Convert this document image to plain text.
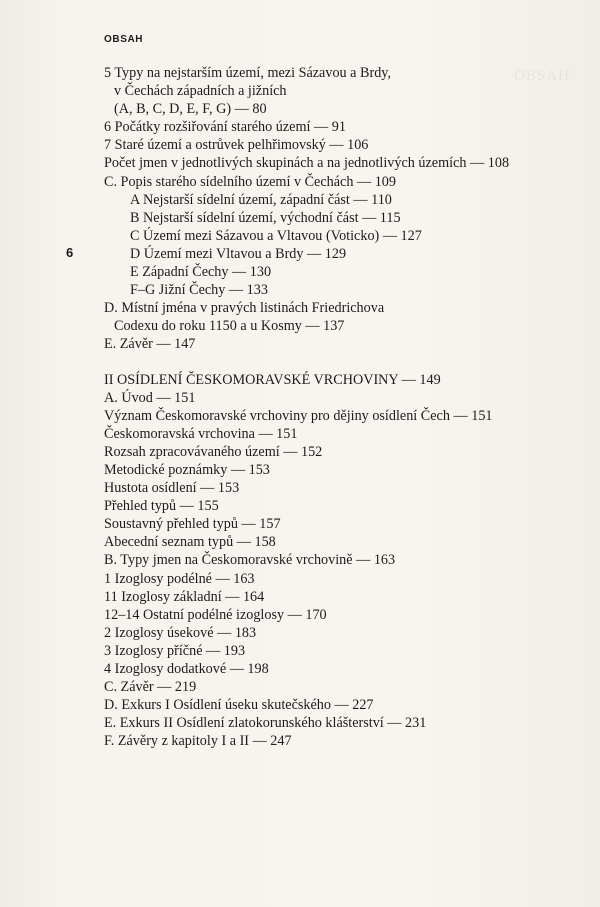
OBSAH
OBSAH
6
5 Typy na nejstarším území, mezi Sázavou a Brdy,
v Čechách západních a jižních
(A, B, C, D, E, F, G) — 80
6 Počátky rozšiřování starého území — 91
7 Staré území a ostrůvek pelhřimovský — 106
Počet jmen v jednotlivých skupinách a na jednotlivých územích — 108
C. Popis starého sídelního území v Čechách — 109
A Nejstarší sídelní území, západní část — 110
B Nejstarší sídelní území, východní část — 115
C Území mezi Sázavou a Vltavou (Voticko) — 127
D Území mezi Vltavou a Brdy — 129
E Západní Čechy — 130
F–G Jižní Čechy — 133
D. Místní jména v pravých listinách Friedrichova
Codexu do roku 1150 a u Kosmy — 137
E. Závěr — 147
II OSÍDLENÍ ČESKOMORAVSKÉ VRCHOVINY — 149
A. Úvod — 151
Význam Českomoravské vrchoviny pro dějiny osídlení Čech — 151
Českomoravská vrchovina — 151
Rozsah zpracovávaného území — 152
Metodické poznámky — 153
Hustota osídlení — 153
Přehled typů — 155
Soustavný přehled typů — 157
Abecední seznam typů — 158
B. Typy jmen na Českomoravské vrchovině — 163
1 Izoglosy podélné — 163
11 Izoglosy základní — 164
12–14 Ostatní podélné izoglosy — 170
2 Izoglosy úsekové — 183
3 Izoglosy příčné — 193
4 Izoglosy dodatkové — 198
C. Závěr — 219
D. Exkurs I Osídlení úseku skutečského — 227
E. Exkurs II Osídlení zlatokorunského klášterství — 231
F. Závěry z kapitoly I a II — 247
